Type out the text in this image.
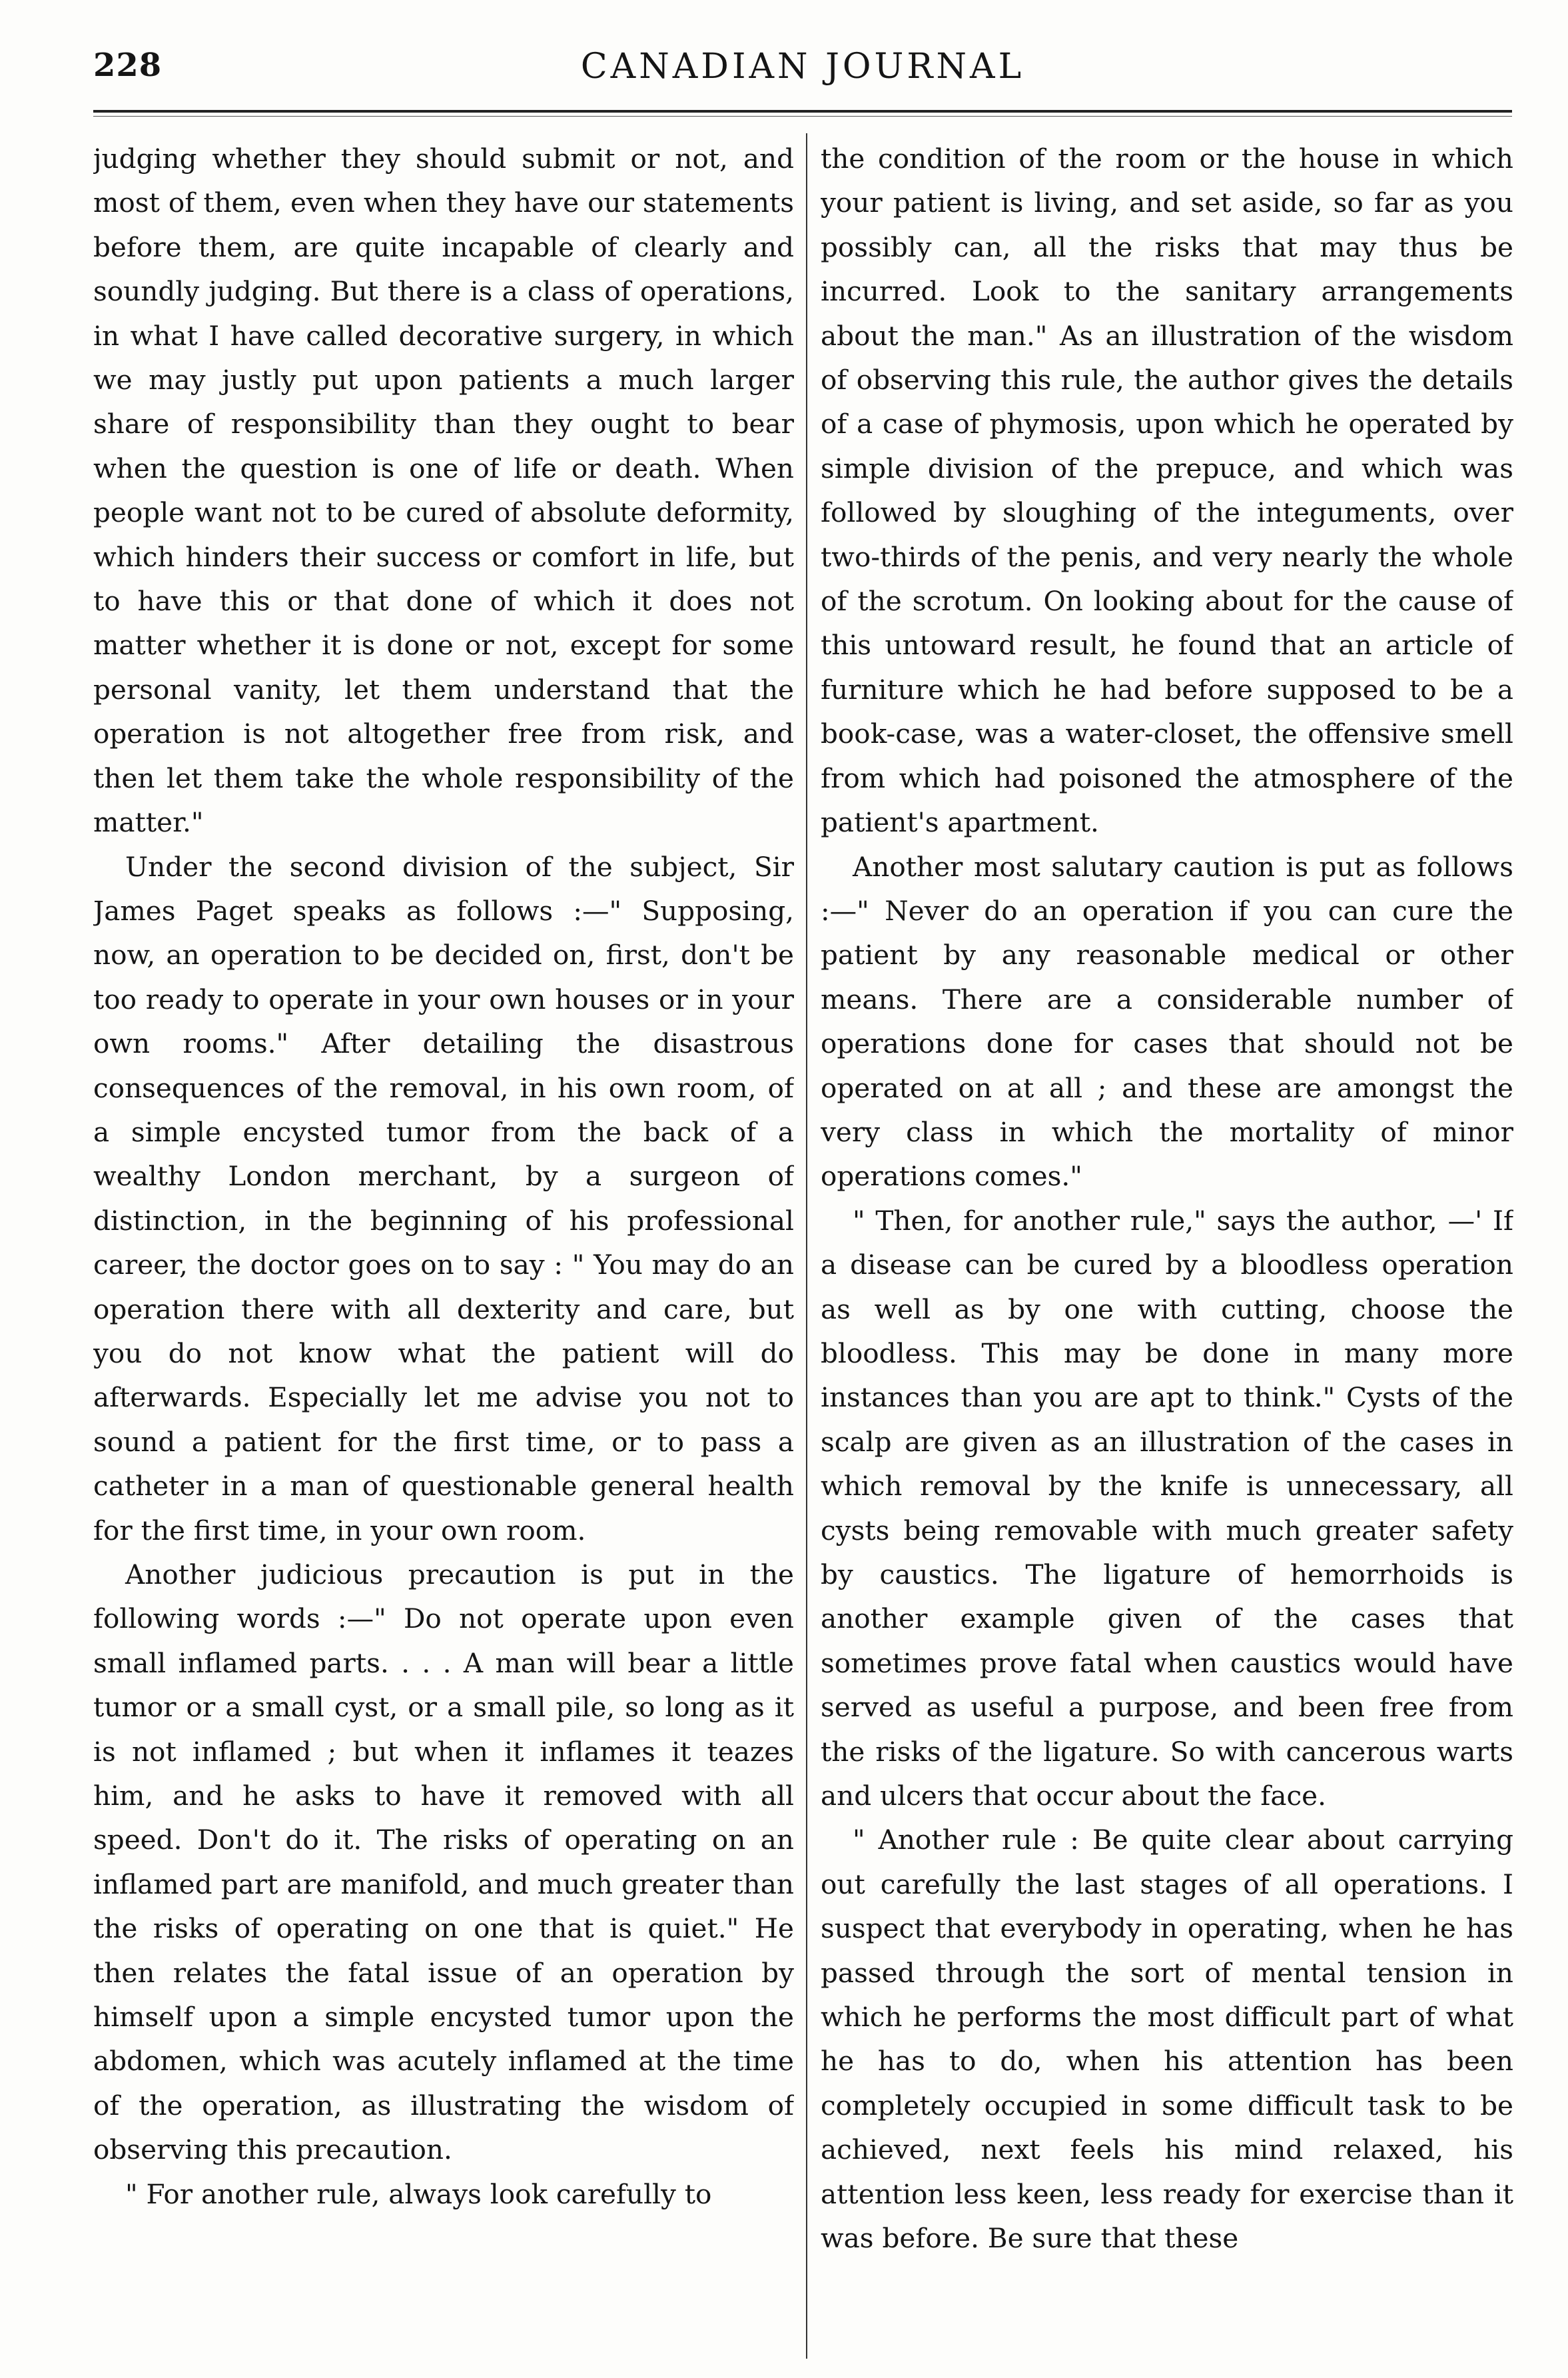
228	CANADIAN JOURNAL

judging whether they should submit or not, and most of them, even when they have our statements before them, are quite incapable of clearly and soundly judging. But there is a class of operations, in what I have called decorative surgery, in which we may justly put upon patients a much larger share of responsibility than they ought to bear when the question is one of life or death. When people want not to be cured of absolute deformity, which hinders their success or comfort in life, but to have this or that done of which it does not matter whether it is done or not, except for some personal vanity, let them understand that the operation is not altogether free from risk, and then let them take the whole responsibility of the matter."

Under the second division of the subject, Sir James Paget speaks as follows :—" Supposing, now, an operation to be decided on, first, don't be too ready to operate in your own houses or in your own rooms." After detailing the disastrous consequences of the removal, in his own room, of a simple encysted tumor from the back of a wealthy London merchant, by a surgeon of distinction, in the beginning of his professional career, the doctor goes on to say : " You may do an operation there with all dexterity and care, but you do not know what the patient will do afterwards. Especially let me advise you not to sound a patient for the first time, or to pass a catheter in a man of questionable general health for the first time, in your own room.

Another judicious precaution is put in the following words :—" Do not operate upon even small inflamed parts. . . . A man will bear a little tumor or a small cyst, or a small pile, so long as it is not inflamed ; but when it inflames it teazes him, and he asks to have it removed with all speed. Don't do it. The risks of operating on an inflamed part are manifold, and much greater than the risks of operating on one that is quiet." He then relates the fatal issue of an operation by himself upon a simple encysted tumor upon the abdomen, which was acutely inflamed at the time of the operation, as illustrating the wisdom of observing this precaution.

" For another rule, always look carefully to

the condition of the room or the house in which your patient is living, and set aside, so far as you possibly can, all the risks that may thus be incurred. Look to the sanitary arrangements about the man." As an illustration of the wisdom of observing this rule, the author gives the details of a case of phymosis, upon which he operated by simple division of the prepuce, and which was followed by sloughing of the integuments, over two-thirds of the penis, and very nearly the whole of the scrotum. On looking about for the cause of this untoward result, he found that an article of furniture which he had before supposed to be a book-case, was a water-closet, the offensive smell from which had poisoned the atmosphere of the patient's apartment.

Another most salutary caution is put as follows :—" Never do an operation if you can cure the patient by any reasonable medical or other means. There are a considerable number of operations done for cases that should not be operated on at all ; and these are amongst the very class in which the mortality of minor operations comes."

" Then, for another rule," says the author, —' If a disease can be cured by a bloodless operation as well as by one with cutting, choose the bloodless. This may be done in many more instances than you are apt to think." Cysts of the scalp are given as an illustration of the cases in which removal by the knife is unnecessary, all cysts being removable with much greater safety by caustics. The ligature of hemorrhoids is another example given of the cases that sometimes prove fatal when caustics would have served as useful a purpose, and been free from the risks of the ligature. So with cancerous warts and ulcers that occur about the face.

" Another rule : Be quite clear about carrying out carefully the last stages of all operations. I suspect that everybody in operating, when he has passed through the sort of mental tension in which he performs the most difficult part of what he has to do, when his attention has been completely occupied in some difficult task to be achieved, next feels his mind relaxed, his attention less keen, less ready for exercise than it was before. Be sure that these
